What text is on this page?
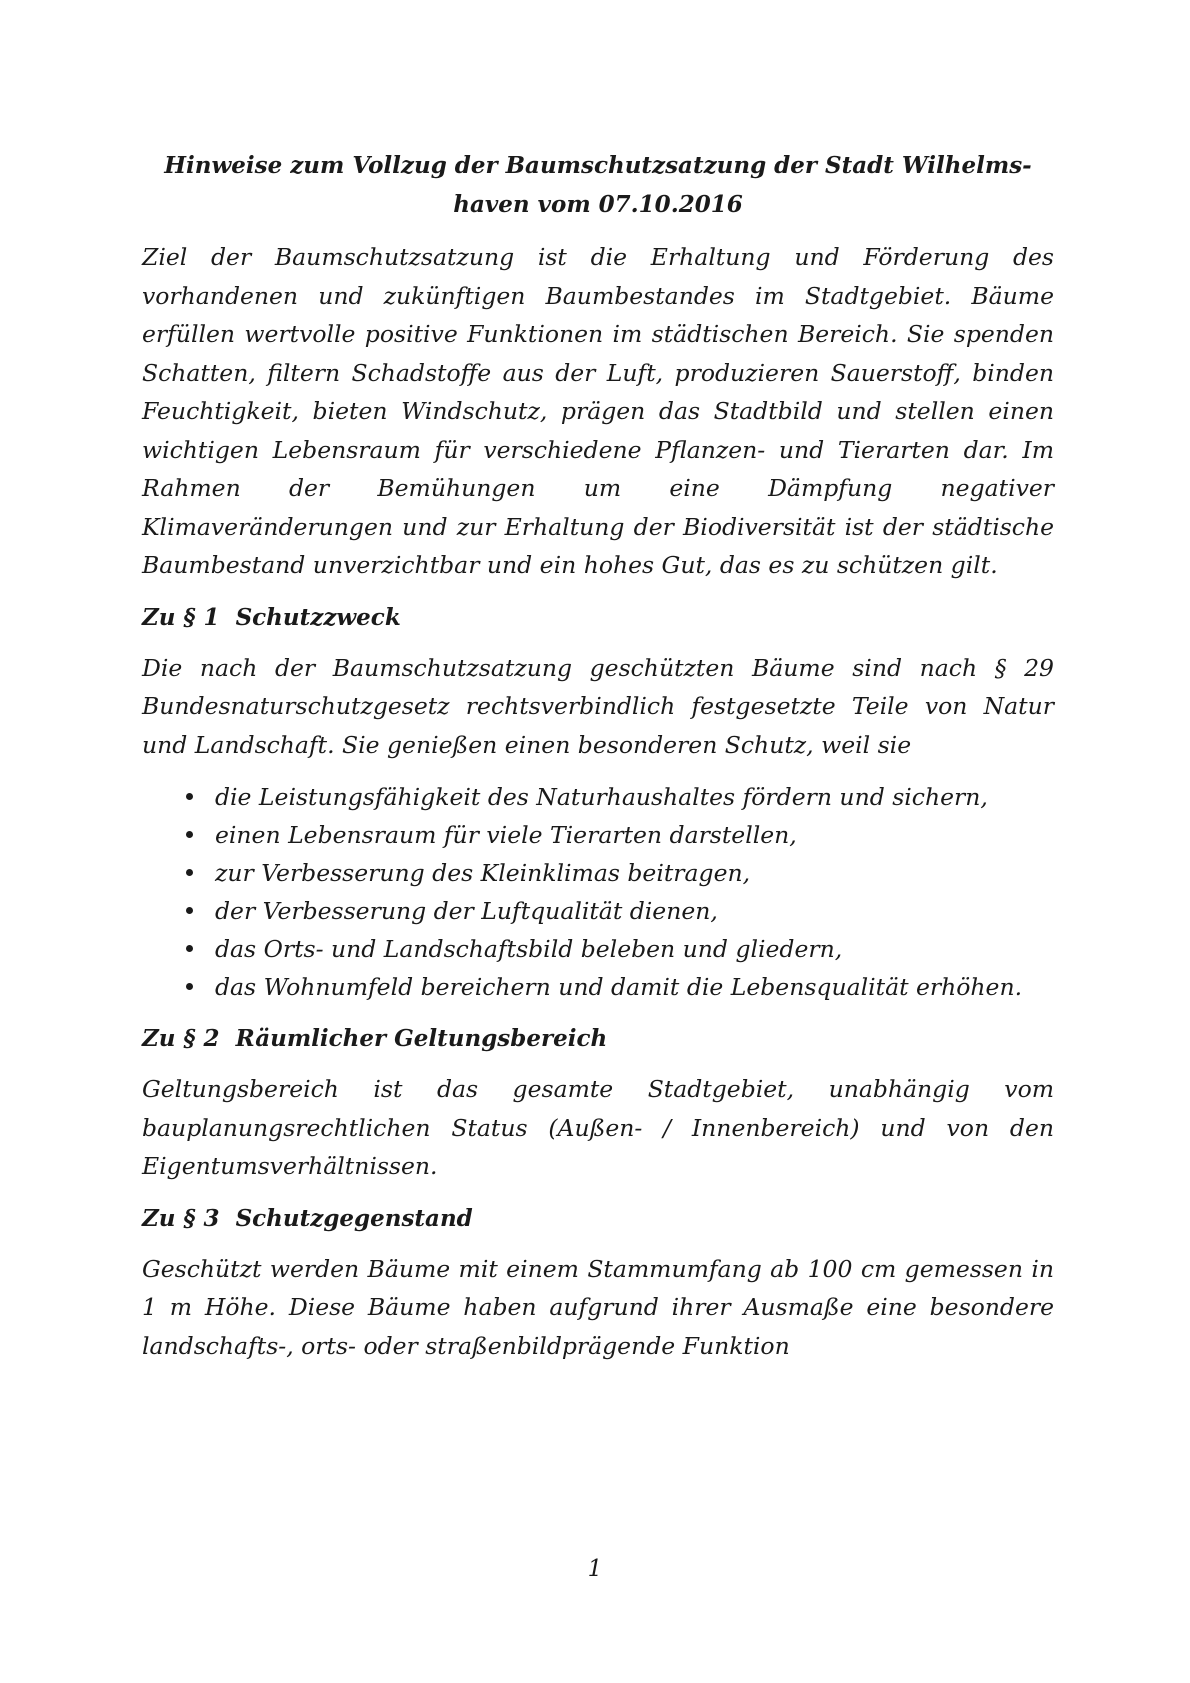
Hinweise zum Vollzug der Baumschutzsatzung der Stadt Wilhelms-haven vom 07.10.2016

Ziel der Baumschutzsatzung ist die Erhaltung und Förderung des vorhandenen und zukünftigen Baumbestandes im Stadtgebiet. Bäume erfüllen wertvolle positive Funktionen im städtischen Bereich. Sie spenden Schatten, filtern Schadstoffe aus der Luft, produzieren Sauerstoff, binden Feuchtigkeit, bieten Windschutz, prägen das Stadtbild und stellen einen wichtigen Lebensraum für verschiedene Pflanzen- und Tierarten dar. Im Rahmen der Bemühungen um eine Dämpfung negativer Klimaveränderungen und zur Erhaltung der Biodiversität ist der städtische Baumbestand unverzichtbar und ein hohes Gut, das es zu schützen gilt.

Zu § 1  Schutzzweck

Die nach der Baumschutzsatzung geschützten Bäume sind nach § 29 Bundesnaturschutzgesetz rechtsverbindlich festgesetzte Teile von Natur und Landschaft. Sie genießen einen besonderen Schutz, weil sie

die Leistungsfähigkeit des Naturhaushaltes fördern und sichern,
einen Lebensraum für viele Tierarten darstellen,
zur Verbesserung des Kleinklimas beitragen,
der Verbesserung der Luftqualität dienen,
das Orts- und Landschaftsbild beleben und gliedern,
das Wohnumfeld bereichern und damit die Lebensqualität erhöhen.
Zu § 2  Räumlicher Geltungsbereich

Geltungsbereich ist das gesamte Stadtgebiet, unabhängig vom bauplanungsrechtlichen Status (Außen- / Innenbereich) und von den Eigentumsverhältnissen.

Zu § 3  Schutzgegenstand

Geschützt werden Bäume mit einem Stammumfang ab 100 cm gemessen in 1 m Höhe. Diese Bäume haben aufgrund ihrer Ausmaße eine besondere landschafts-, orts- oder straßenbildprägende Funktion

1
